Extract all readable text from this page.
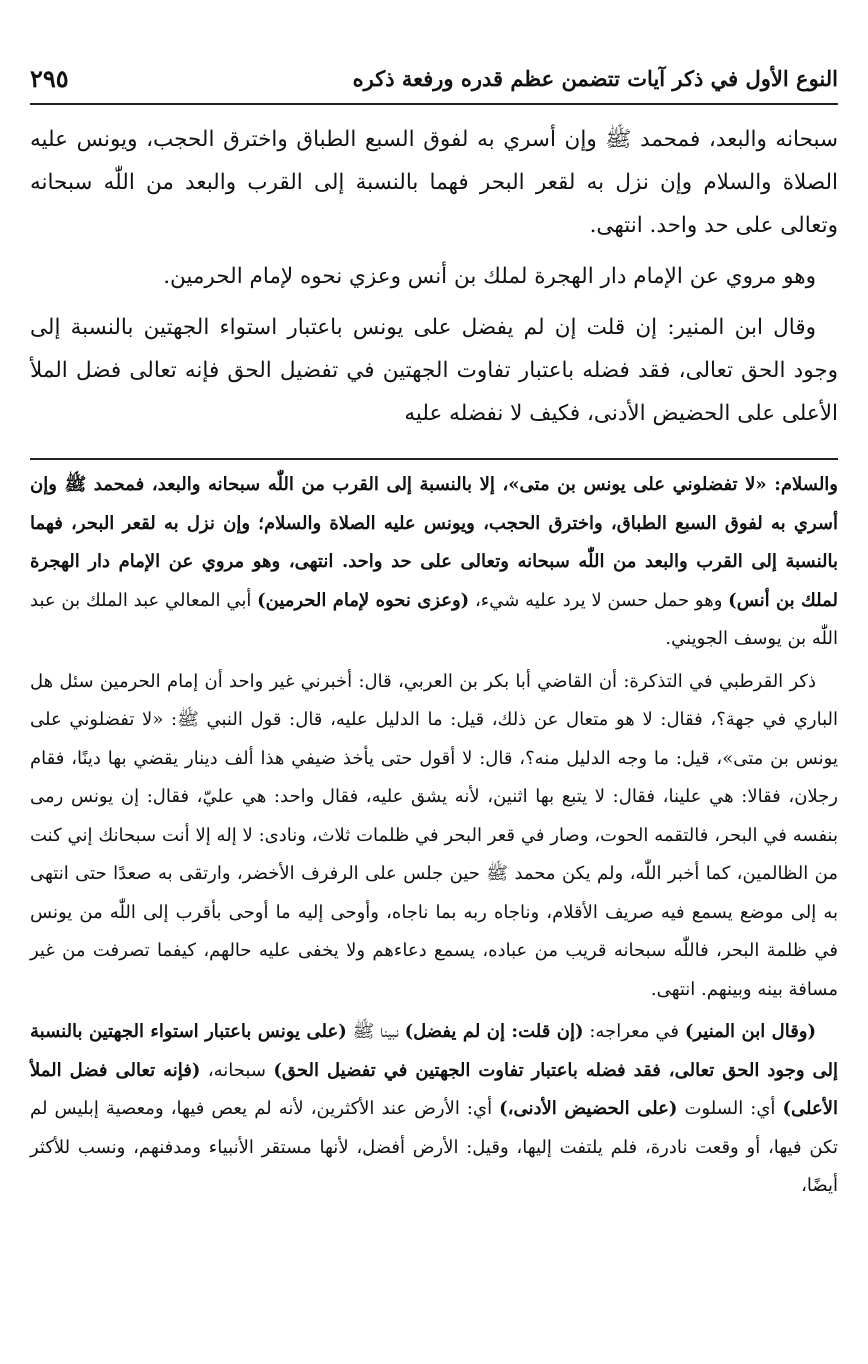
النوع الأول في ذكر آيات تتضمن عظم قدره ورفعة ذكره
٢٩٥

سبحانه والبعد، فمحمد ﷺ وإن أسري به لفوق السبع الطباق واخترق الحجب، ويونس عليه الصلاة والسلام وإن نزل به لقعر البحر فهما بالنسبة إلى القرب والبعد من اللّٰه سبحانه وتعالى على حد واحد. انتهى.

وهو مروي عن الإمام دار الهجرة لملك بن أنس وعزي نحوه لإمام الحرمين.

وقال ابن المنير: إن قلت إن لم يفضل على يونس باعتبار استواء الجهتين بالنسبة إلى وجود الحق تعالى، فقد فضله باعتبار تفاوت الجهتين في تفضيل الحق فإنه تعالى فضل الملأ الأعلى على الحضيض الأدنى، فكيف لا نفضله عليه

والسلام: «لا تفضلوني على يونس بن متى»، إلا بالنسبة إلى القرب من اللّٰه سبحانه والبعد، فمحمد ﷺ وإن أسري به لفوق السبع الطباق، واخترق الحجب، ويونس عليه الصلاة والسلام؛ وإن نزل به لقعر البحر، فهما بالنسبة إلى القرب والبعد من اللّٰه سبحانه وتعالى على حد واحد. انتهى، وهو مروي عن الإمام دار الهجرة لملك بن أنس) وهو حمل حسن لا يرد عليه شيء، (وعزى نحوه لإمام الحرمين) أبي المعالي عبد الملك بن عبد اللّٰه بن يوسف الجويني.

ذكر القرطبي في التذكرة: أن القاضي أبا بكر بن العربي، قال: أخبرني غير واحد أن إمام الحرمين سئل هل الباري في جهة؟، فقال: لا هو متعال عن ذلك، قيل: ما الدليل عليه، قال: قول النبي ﷺ: «لا تفضلوني على يونس بن متى»، قيل: ما وجه الدليل منه؟، قال: لا أقول حتى يأخذ ضيفي هذا ألف دينار يقضي بها دينًا، فقام رجلان، فقالا: هي علينا، فقال: لا يتبع بها اثنين، لأنه يشق عليه، فقال واحد: هي عليّ، فقال: إن يونس رمى بنفسه في البحر، فالتقمه الحوت، وصار في قعر البحر في ظلمات ثلاث، ونادى: لا إله إلا أنت سبحانك إني كنت من الظالمين، كما أخبر اللّٰه، ولم يكن محمد ﷺ حين جلس على الرفرف الأخضر، وارتقى به صعدًا حتى انتهى به إلى موضع يسمع فيه صريف الأقلام، وناجاه ربه بما ناجاه، وأوحى إليه ما أوحى بأقرب إلى اللّٰه من يونس في ظلمة البحر، فاللّٰه سبحانه قريب من عباده، يسمع دعاءهم ولا يخفى عليه حالهم، كيفما تصرفت من غير مسافة بينه وبينهم. انتهى.

(وقال ابن المنير) في معراجه: (إن قلت: إن لم يفضل) نبينا ﷺ (على يونس باعتبار استواء الجهتين بالنسبة إلى وجود الحق تعالى، فقد فضله باعتبار تفاوت الجهتين في تفضيل الحق) سبحانه، (فإنه تعالى فضل الملأ الأعلى) أي: السلوت (على الحضيض الأدنى،) أي: الأرض عند الأكثرين، لأنه لم يعص فيها، ومعصية إبليس لم تكن فيها، أو وقعت نادرة، فلم يلتفت إليها، وقيل: الأرض أفضل، لأنها مستقر الأنبياء ومدفنهم، ونسب للأكثر أيضًا،
